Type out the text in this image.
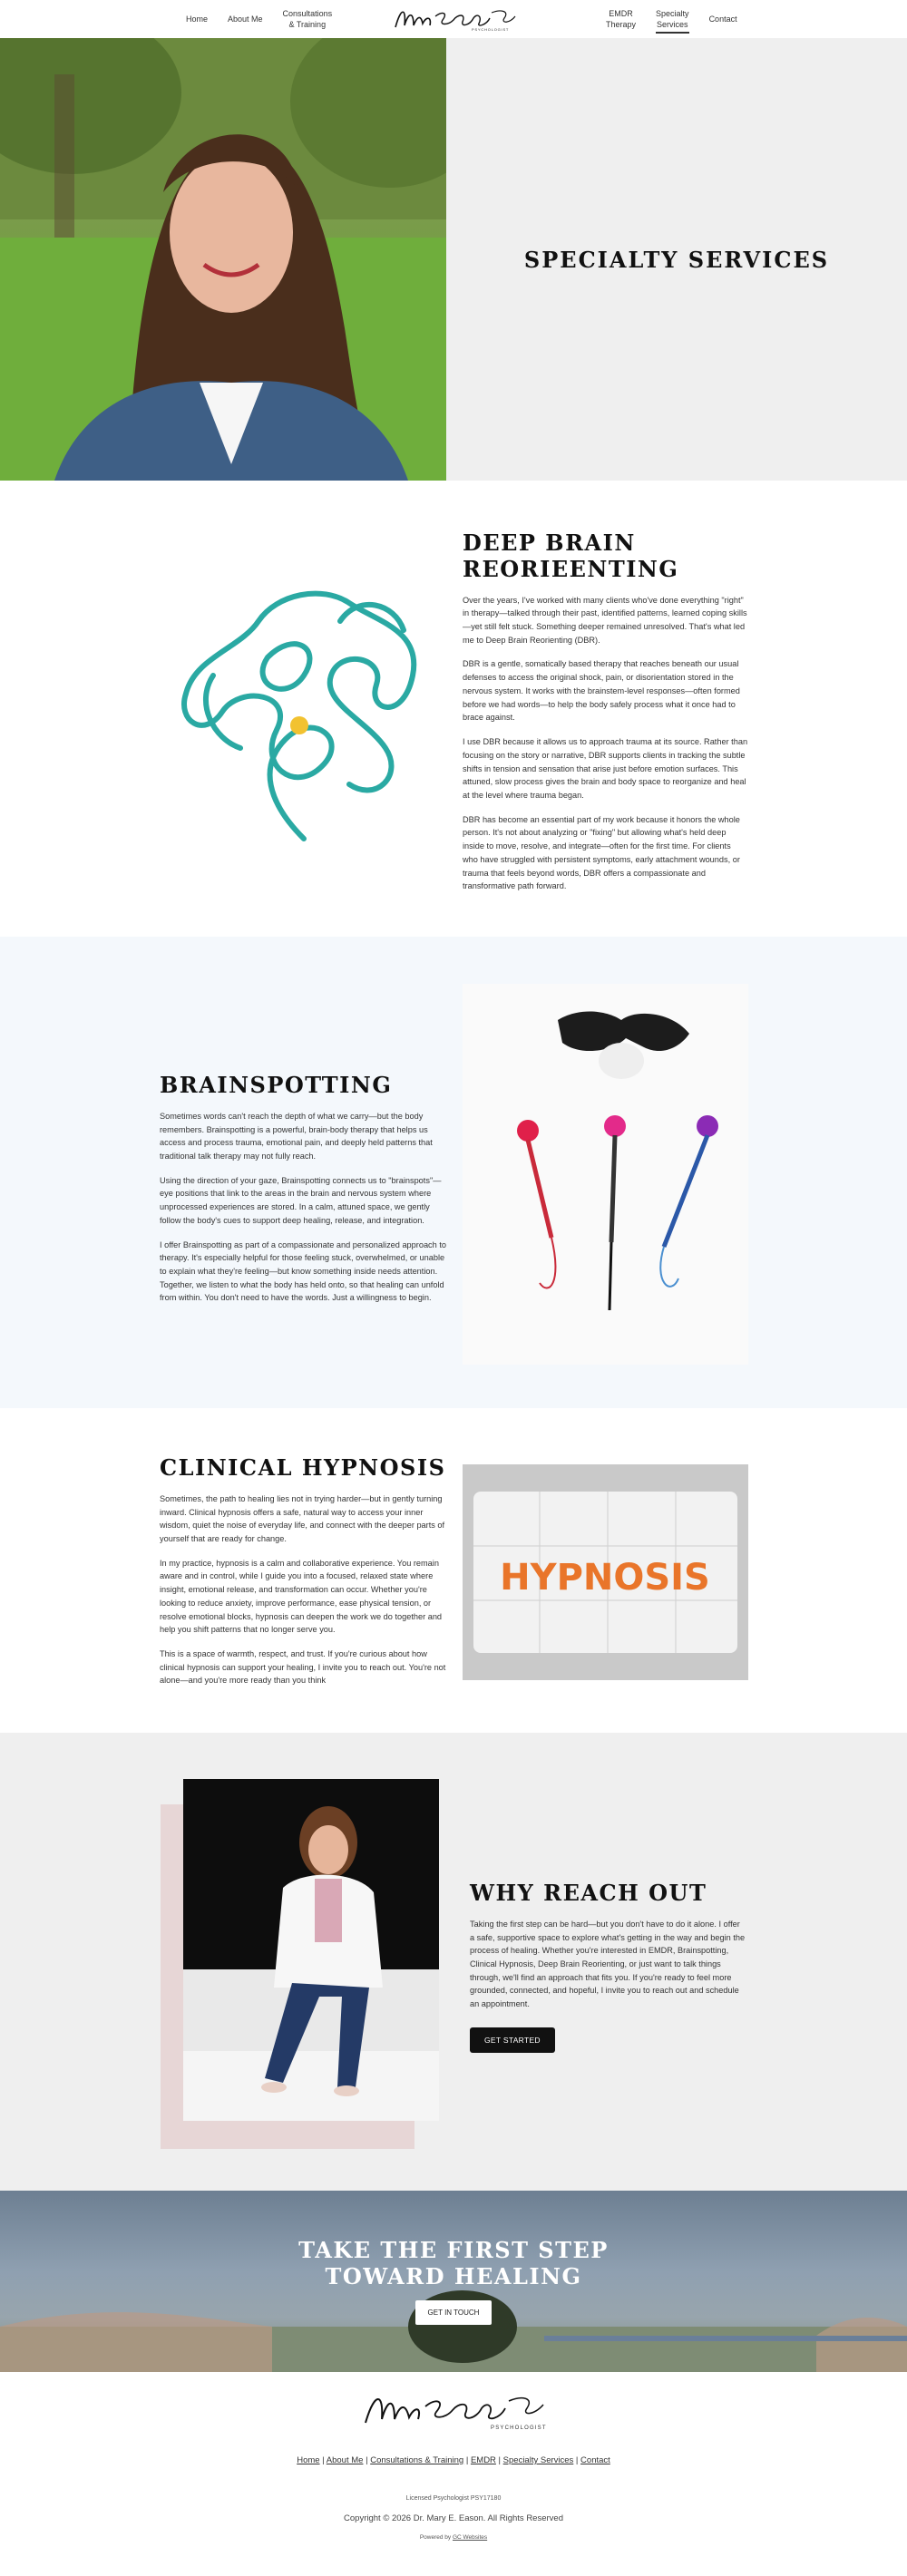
Home About Me
Consultations
& Training
PSYCHOLOGIST
EMDR
Therapy
Specialty
Services
Contact
SPECIALTY SERVICES
DEEP BRAIN REORIEENTING

Over the years, I've worked with many clients who've done everything "right" in therapy—talked through their past, identified patterns, learned coping skills—yet still felt stuck. Something deeper remained unresolved. That's what led me to Deep Brain Reorienting (DBR).

DBR is a gentle, somatically based therapy that reaches beneath our usual defenses to access the original shock, pain, or disorientation stored in the nervous system. It works with the brainstem-level responses—often formed before we had words—to help the body safely process what it once had to brace against.

I use DBR because it allows us to approach trauma at its source. Rather than focusing on the story or narrative, DBR supports clients in tracking the subtle shifts in tension and sensation that arise just before emotion surfaces. This attuned, slow process gives the brain and body space to reorganize and heal at the level where trauma began.

DBR has become an essential part of my work because it honors the whole person. It's not about analyzing or "fixing" but allowing what's held deep inside to move, resolve, and integrate—often for the first time. For clients who have struggled with persistent symptoms, early attachment wounds, or trauma that feels beyond words, DBR offers a compassionate and transformative path forward.

BRAINSPOTTING

Sometimes words can't reach the depth of what we carry—but the body remembers. Brainspotting is a powerful, brain-body therapy that helps us access and process trauma, emotional pain, and deeply held patterns that traditional talk therapy may not fully reach.

Using the direction of your gaze, Brainspotting connects us to "brainspots"—eye positions that link to the areas in the brain and nervous system where unprocessed experiences are stored. In a calm, attuned space, we gently follow the body's cues to support deep healing, release, and integration.

I offer Brainspotting as part of a compassionate and personalized approach to therapy. It's especially helpful for those feeling stuck, overwhelmed, or unable to explain what they're feeling—but know something inside needs attention. Together, we listen to what the body has held onto, so that healing can unfold from within. You don't need to have the words. Just a willingness to begin.

CLINICAL HYPNOSIS

Sometimes, the path to healing lies not in trying harder—but in gently turning inward. Clinical hypnosis offers a safe, natural way to access your inner wisdom, quiet the noise of everyday life, and connect with the deeper parts of yourself that are ready for change.

In my practice, hypnosis is a calm and collaborative experience. You remain aware and in control, while I guide you into a focused, relaxed state where insight, emotional release, and transformation can occur. Whether you're looking to reduce anxiety, improve performance, ease physical tension, or resolve emotional blocks, hypnosis can deepen the work we do together and help you shift patterns that no longer serve you.

This is a space of warmth, respect, and trust. If you're curious about how clinical hypnosis can support your healing, I invite you to reach out. You're not alone—and you're more ready than you think

HYPNOSIS
WHY REACH OUT

Taking the first step can be hard—but you don't have to do it alone. I offer a safe, supportive space to explore what's getting in the way and begin the process of healing. Whether you're interested in EMDR, Brainspotting, Clinical Hypnosis, Deep Brain Reorienting, or just want to talk things through, we'll find an approach that fits you. If you're ready to feel more grounded, connected, and hopeful, I invite you to reach out and schedule an appointment.

GET STARTED
TAKE THE FIRST STEP TOWARD HEALING
GET IN TOUCH
PSYCHOLOGIST
Home | About Me | Consultations & Training | EMDR | Specialty Services | Contact
Licensed Psychologist PSY17180
Copyright © 2026 Dr. Mary E. Eason. All Rights Reserved
Powered by GC Websites
